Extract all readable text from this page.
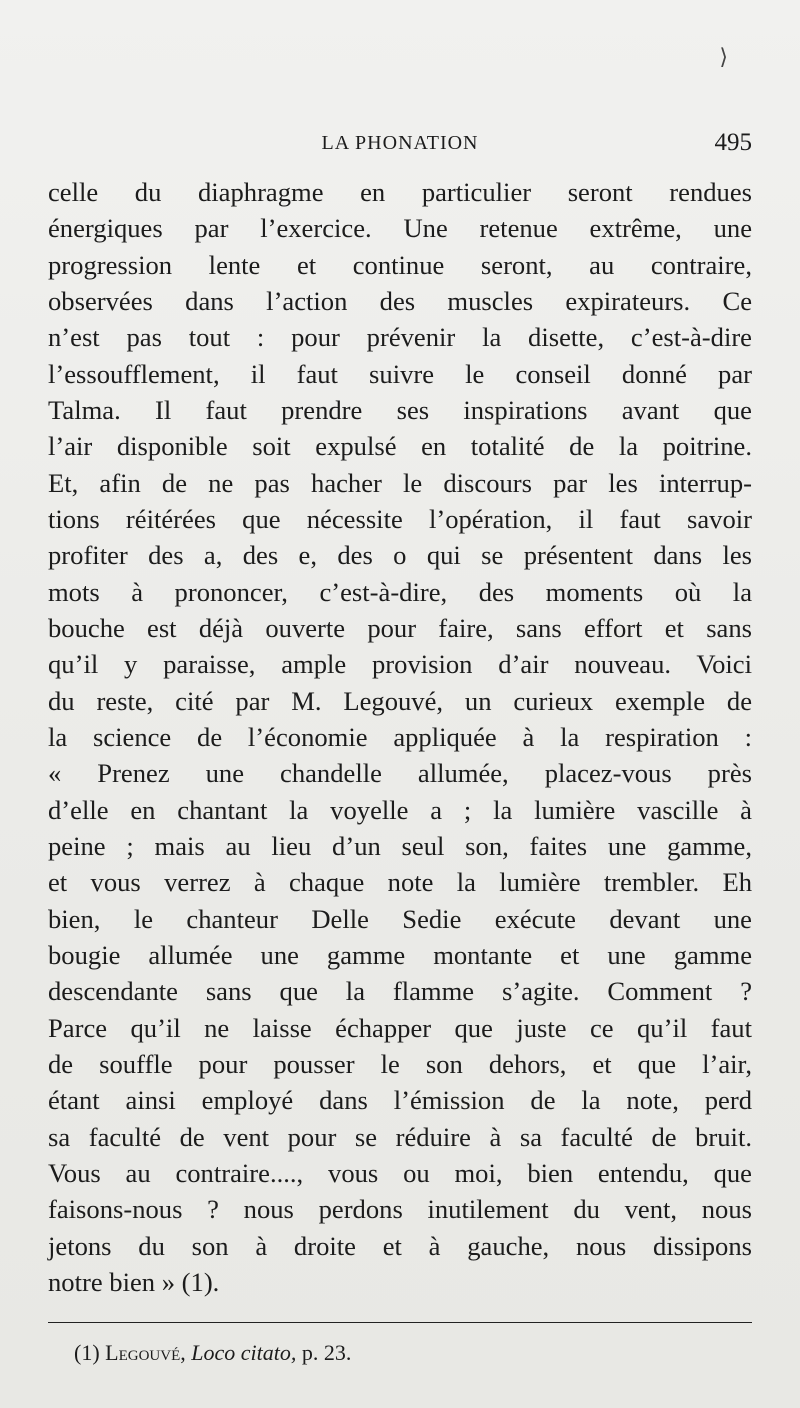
⟩
LA PHONATION	495
celle du diaphragme en particulier seront rendues
énergiques par l’exercice. Une retenue extrême, une
progression lente et continue seront, au contraire,
observées dans l’action des muscles expirateurs. Ce
n’est pas tout : pour prévenir la disette, c’est-à-dire
l’essoufflement, il faut suivre le conseil donné par
Talma. Il faut prendre ses inspirations avant que
l’air disponible soit expulsé en totalité de la poitrine.
Et, afin de ne pas hacher le discours par les interrup-
tions réitérées que nécessite l’opération, il faut savoir
profiter des a, des e, des o qui se présentent dans les
mots à prononcer, c’est-à-dire, des moments où la
bouche est déjà ouverte pour faire, sans effort et sans
qu’il y paraisse, ample provision d’air nouveau. Voici
du reste, cité par M. Legouvé, un curieux exemple de
la science de l’économie appliquée à la respiration :
« Prenez une chandelle allumée, placez-vous près
d’elle en chantant la voyelle a ; la lumière vascille à
peine ; mais au lieu d’un seul son, faites une gamme,
et vous verrez à chaque note la lumière trembler. Eh
bien, le chanteur Delle Sedie exécute devant une
bougie allumée une gamme montante et une gamme
descendante sans que la flamme s’agite. Comment ?
Parce qu’il ne laisse échapper que juste ce qu’il faut
de souffle pour pousser le son dehors, et que l’air,
étant ainsi employé dans l’émission de la note, perd
sa faculté de vent pour se réduire à sa faculté de bruit.
Vous au contraire...., vous ou moi, bien entendu, que
faisons-nous ? nous perdons inutilement du vent, nous
jetons du son à droite et à gauche, nous dissipons
notre bien » (1).
(1) Legouvé, Loco citato, p. 23.
